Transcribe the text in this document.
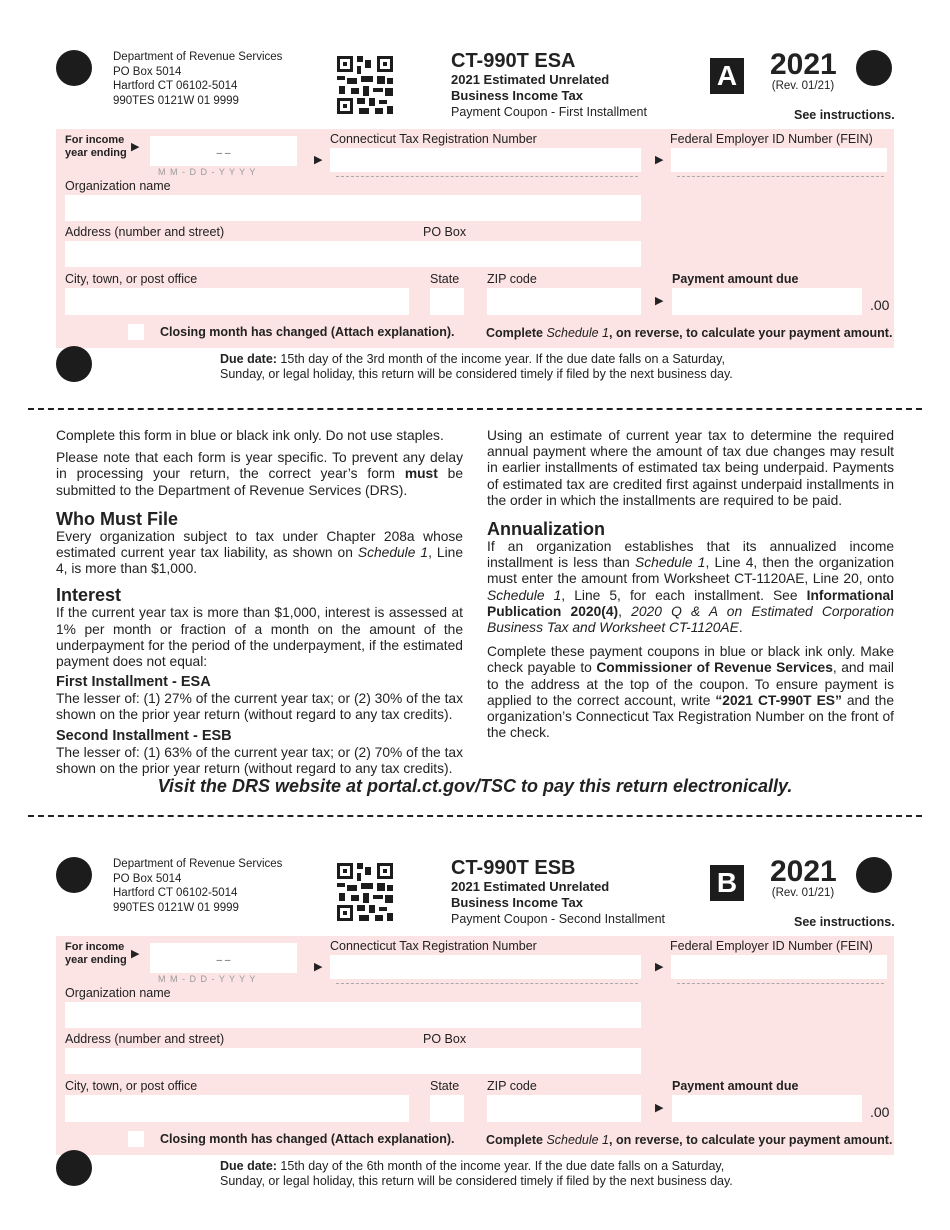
Department of Revenue Services
PO Box 5014
Hartford CT 06102-5014
990TES 0121W 01 9999
CT-990T ESA
2021 Estimated Unrelated
Business Income Tax
Payment Coupon - First Installment
A 2021
(Rev. 01/21)
See instructions.
For income
year ending ▶
– –
M M - D D - Y Y Y Y
Connecticut Tax Registration Number
▶
Federal Employer ID Number (FEIN)
▶
Organization name
Address (number and street)	PO Box
City, town, or post office	State ZIP code	Payment amount due
▶	.00
Closing month has changed (Attach explanation).	Complete Schedule 1, on reverse, to calculate your payment amount.
Due date: 15th day of the 3rd month of the income year. If the due date falls on a Saturday,
Sunday, or legal holiday, this return will be considered timely if filed by the next business day.

Complete this form in blue or black ink only. Do not use staples.

Please note that each form is year specific. To prevent any delay in processing your return, the correct year’s form must be submitted to the Department of Revenue Services (DRS).

Who Must File

Every organization subject to tax under Chapter 208a whose estimated current year tax liability, as shown on Schedule 1, Line 4, is more than $1,000.

Interest

If the current year tax is more than $1,000, interest is assessed at 1% per month or fraction of a month on the amount of the underpayment for the period of the underpayment, if the estimated payment does not equal:

First Installment - ESA

The lesser of: (1) 27% of the current year tax; or (2) 30% of the tax shown on the prior year return (without regard to any tax credits).

Second Installment - ESB

The lesser of: (1) 63% of the current year tax; or (2) 70% of the tax shown on the prior year return (without regard to any tax credits).

Using an estimate of current year tax to determine the required annual payment where the amount of tax due changes may result in earlier installments of estimated tax being underpaid. Payments of estimated tax are credited first against underpaid installments in the order in which the installments are required to be paid.

Annualization

If an organization establishes that its annualized income installment is less than Schedule 1, Line 4, then the organization must enter the amount from Worksheet CT-1120AE, Line 20, onto Schedule 1, Line 5, for each installment. See Informational Publication 2020(4), 2020 Q & A on Estimated Corporation Business Tax and Worksheet CT-1120AE.

Complete these payment coupons in blue or black ink only. Make check payable to Commissioner of Revenue Services, and mail to the address at the top of the coupon. To ensure payment is applied to the correct account, write “2021 CT-990T ES” and the organization’s Connecticut Tax Registration Number on the front of the check.

Visit the DRS website at portal.ct.gov/TSC to pay this return electronically.
Department of Revenue Services
PO Box 5014
Hartford CT 06102-5014
990TES 0121W 01 9999
CT-990T ESB
2021 Estimated Unrelated
Business Income Tax
Payment Coupon - Second Installment
B 2021
(Rev. 01/21)
See instructions.
For income
year ending ▶
– –
M M - D D - Y Y Y Y
Connecticut Tax Registration Number
▶
Federal Employer ID Number (FEIN)
▶
Organization name
Address (number and street)	PO Box
City, town, or post office	State ZIP code	Payment amount due
▶	.00
Closing month has changed (Attach explanation).	Complete Schedule 1, on reverse, to calculate your payment amount.
Due date: 15th day of the 6th month of the income year. If the due date falls on a Saturday,
Sunday, or legal holiday, this return will be considered timely if filed by the next business day.
